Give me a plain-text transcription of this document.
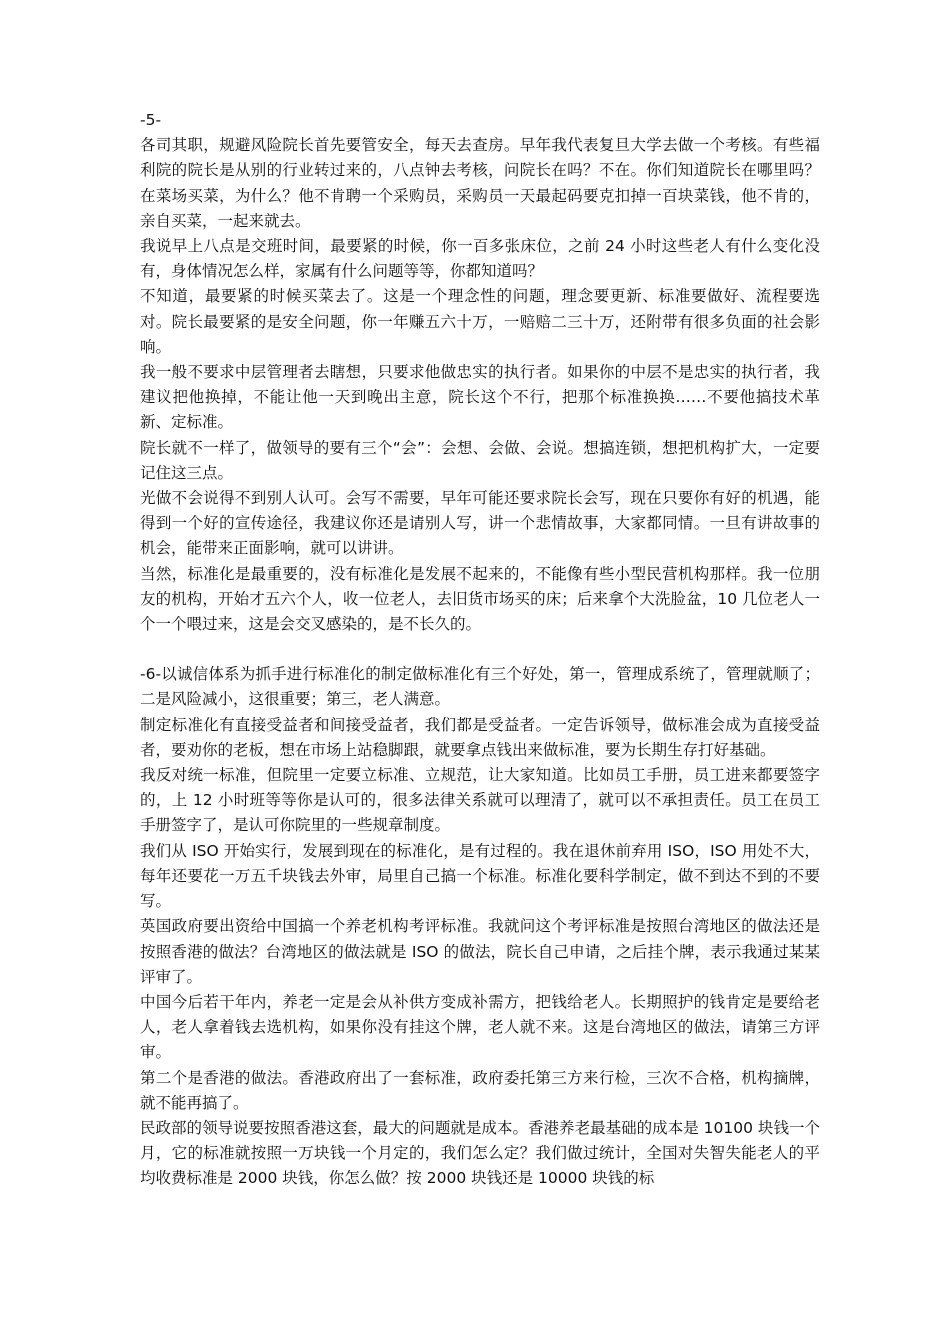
-5-

各司其职，规避风险院长首先要管安全，每天去查房。早年我代表复旦大学去做一个考核。有些福利院的院长是从别的行业转过来的，八点钟去考核，问院长在吗？不在。你们知道院长在哪里吗？在菜场买菜，为什么？他不肯聘一个采购员，采购员一天最起码要克扣掉一百块菜钱，他不肯的，亲自买菜，一起来就去。

我说早上八点是交班时间，最要紧的时候，你一百多张床位，之前 24 小时这些老人有什么变化没有，身体情况怎么样，家属有什么问题等等，你都知道吗？

不知道，最要紧的时候买菜去了。这是一个理念性的问题，理念要更新、标准要做好、流程要选对。院长最要紧的是安全问题，你一年赚五六十万，一赔赔二三十万，还附带有很多负面的社会影响。

我一般不要求中层管理者去瞎想，只要求他做忠实的执行者。如果你的中层不是忠实的执行者，我建议把他换掉，不能让他一天到晚出主意，院长这个不行，把那个标准换换……不要他搞技术革新、定标准。

院长就不一样了，做领导的要有三个“会”：会想、会做、会说。想搞连锁，想把机构扩大，一定要记住这三点。

光做不会说得不到别人认可。会写不需要，早年可能还要求院长会写，现在只要你有好的机遇，能得到一个好的宣传途径，我建议你还是请别人写，讲一个悲情故事，大家都同情。一旦有讲故事的机会，能带来正面影响，就可以讲讲。

当然，标准化是最重要的，没有标准化是发展不起来的，不能像有些小型民营机构那样。我一位朋友的机构，开始才五六个人，收一位老人，去旧货市场买的床；后来拿个大洗脸盆，10 几位老人一个一个喂过来，这是会交叉感染的，是不长久的。

-6-以诚信体系为抓手进行标准化的制定做标准化有三个好处，第一，管理成系统了，管理就顺了；二是风险减小，这很重要；第三，老人满意。

制定标准化有直接受益者和间接受益者，我们都是受益者。一定告诉领导，做标准会成为直接受益者，要劝你的老板，想在市场上站稳脚跟，就要拿点钱出来做标准，要为长期生存打好基础。

我反对统一标准，但院里一定要立标准、立规范，让大家知道。比如员工手册，员工进来都要签字的，上 12 小时班等等你是认可的，很多法律关系就可以理清了，就可以不承担责任。员工在员工手册签字了，是认可你院里的一些规章制度。

我们从 ISO 开始实行，发展到现在的标准化，是有过程的。我在退休前弃用 ISO，ISO 用处不大，每年还要花一万五千块钱去外审，局里自己搞一个标准。标准化要科学制定，做不到达不到的不要写。

英国政府要出资给中国搞一个养老机构考评标准。我就问这个考评标准是按照台湾地区的做法还是按照香港的做法？台湾地区的做法就是 ISO 的做法，院长自己申请，之后挂个牌，表示我通过某某评审了。

中国今后若干年内，养老一定是会从补供方变成补需方，把钱给老人。长期照护的钱肯定是要给老人，老人拿着钱去选机构，如果你没有挂这个牌，老人就不来。这是台湾地区的做法，请第三方评审。

第二个是香港的做法。香港政府出了一套标准，政府委托第三方来行检，三次不合格，机构摘牌，就不能再搞了。

民政部的领导说要按照香港这套，最大的问题就是成本。香港养老最基础的成本是 10100 块钱一个月，它的标准就按照一万块钱一个月定的，我们怎么定？我们做过统计，全国对失智失能老人的平均收费标准是 2000 块钱，你怎么做？按 2000 块钱还是 10000 块钱的标
